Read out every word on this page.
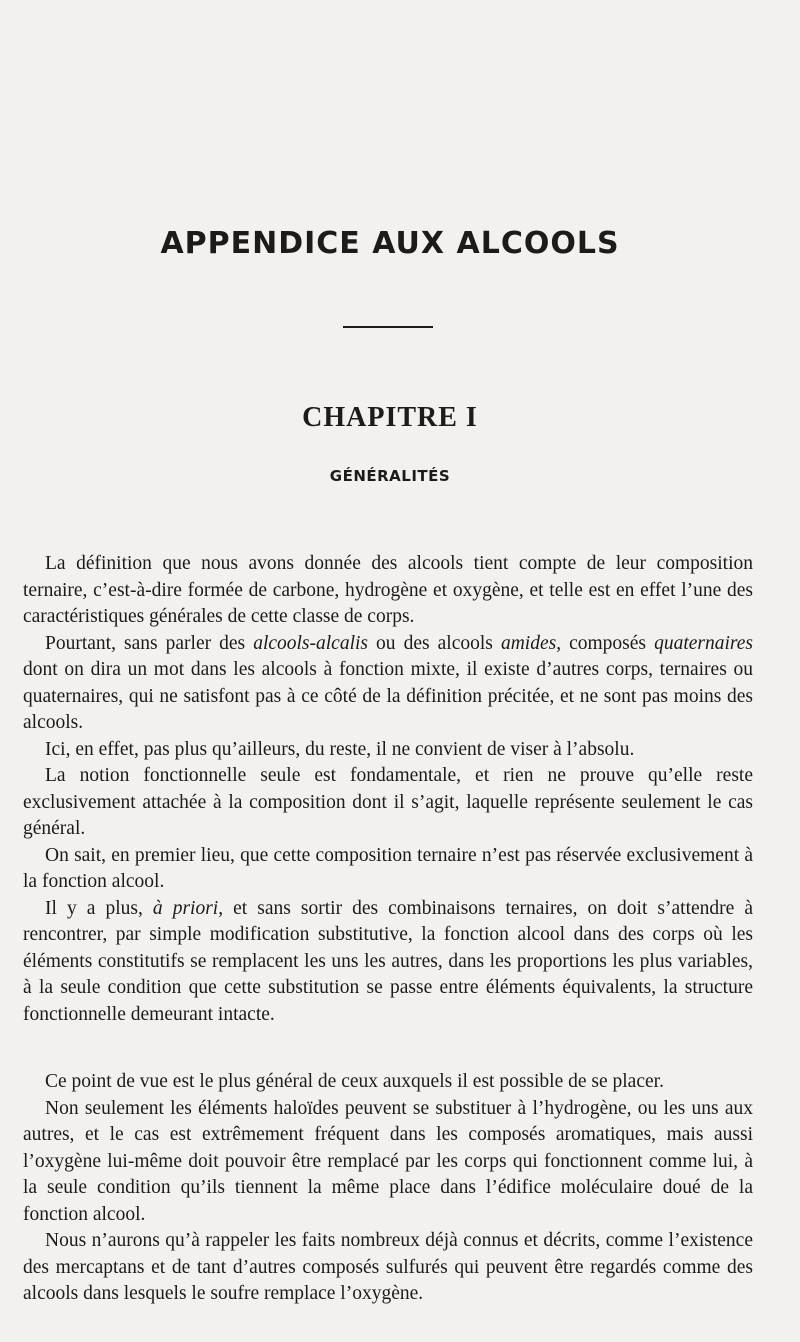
APPENDICE AUX ALCOOLS
CHAPITRE I
GÉNÉRALITÉS

La définition que nous avons donnée des alcools tient compte de leur composition ternaire, c’est-à-dire formée de carbone, hydrogène et oxygène, et telle est en effet l’une des caractéristiques générales de cette classe de corps.

Pourtant, sans parler des alcools-alcalis ou des alcools amides, composés quaternaires dont on dira un mot dans les alcools à fonction mixte, il existe d’autres corps, ternaires ou quaternaires, qui ne satisfont pas à ce côté de la définition précitée, et ne sont pas moins des alcools.

Ici, en effet, pas plus qu’ailleurs, du reste, il ne convient de viser à l’absolu.

La notion fonctionnelle seule est fondamentale, et rien ne prouve qu’elle reste exclusivement attachée à la composition dont il s’agit, laquelle représente seulement le cas général.

On sait, en premier lieu, que cette composition ternaire n’est pas réservée exclusivement à la fonction alcool.

Il y a plus, à priori, et sans sortir des combinaisons ternaires, on doit s’attendre à rencontrer, par simple modification substitutive, la fonction alcool dans des corps où les éléments constitutifs se remplacent les uns les autres, dans les proportions les plus variables, à la seule condition que cette substitution se passe entre éléments équivalents, la structure fonctionnelle demeurant intacte.

Ce point de vue est le plus général de ceux auxquels il est possible de se placer.

Non seulement les éléments haloïdes peuvent se substituer à l’hydrogène, ou les uns aux autres, et le cas est extrêmement fréquent dans les composés aromatiques, mais aussi l’oxygène lui-même doit pouvoir être remplacé par les corps qui fonctionnent comme lui, à la seule condition qu’ils tiennent la même place dans l’édifice moléculaire doué de la fonction alcool.

Nous n’aurons qu’à rappeler les faits nombreux déjà connus et décrits, comme l’existence des mercaptans et de tant d’autres composés sulfurés qui peuvent être regardés comme des alcools dans lesquels le soufre remplace l’oxygène.
